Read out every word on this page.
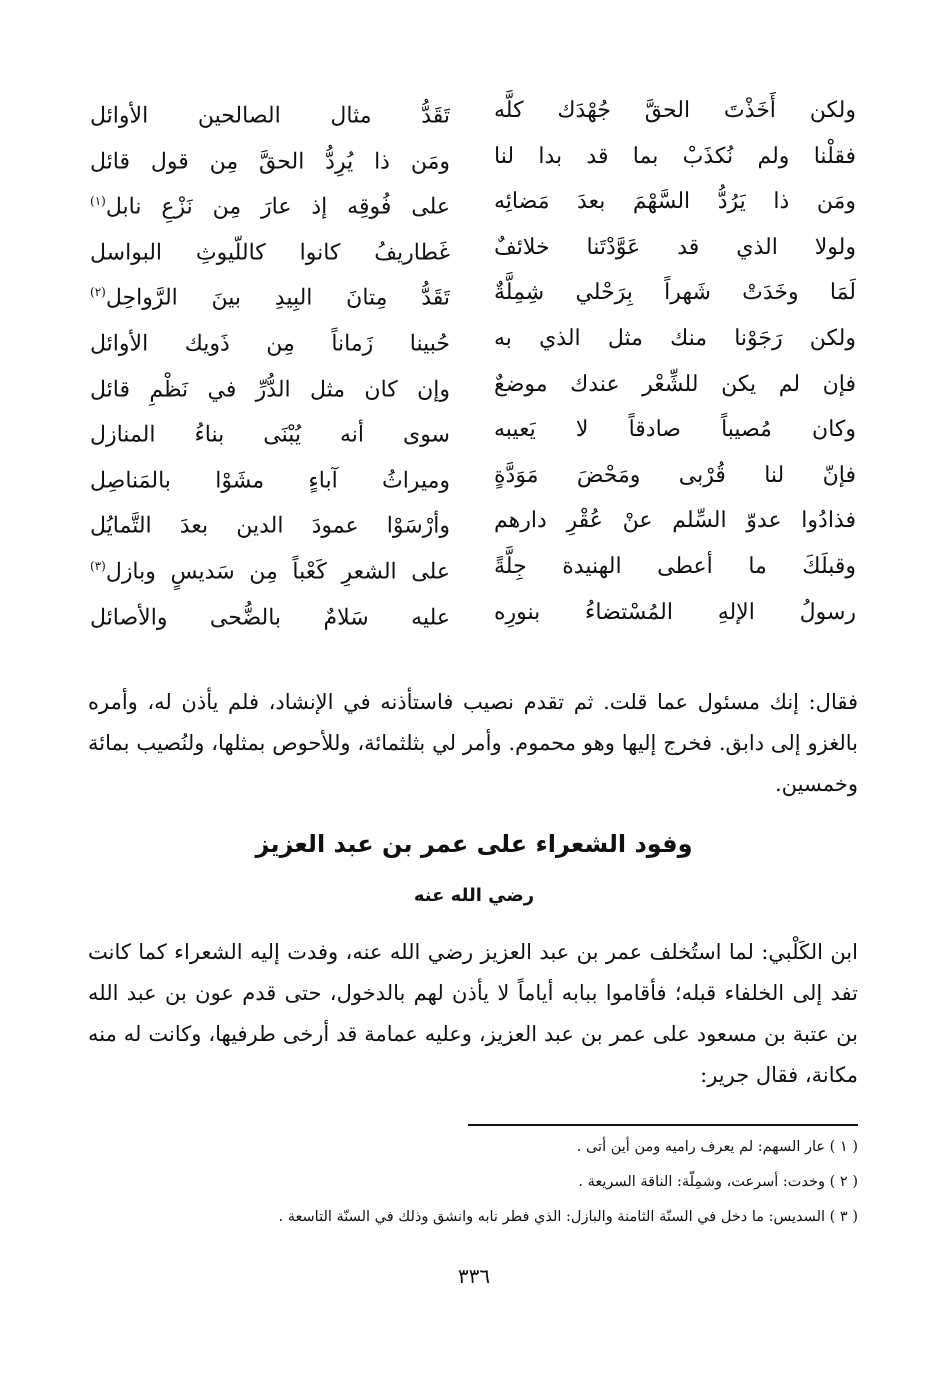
ولكن أَخَذْتَ الحقَّ جُهْدَك كلَّه
فقلْنا ولم نُكذَبْ بما قد بدا لنا
ومَن ذا يَرُدُّ السَّهْمَ بعدَ مَضائِه
ولولا الذي قد عَوَّدْتَنا خلائفٌ
لَمَا وخَدَتْ شَهراً بِرَحْلي شِمِلَّةٌ
ولكن رَجَوْنا منك مثل الذي به
فإن لم يكن للشِّعْر عندك موضعٌ
وكان مُصيباً صادقاً لا يَعيبه
فإنّ لنا قُرْبى ومَحْضَ مَوَدَّةٍ
فذادُوا عدوّ السِّلم عنْ عُقْرِ دارهم
وقبلَكَ ما أعطى الهنيدة جِلَّةً
رسولُ الإلهِ المُسْتضاءُ بنورِه
تَقَدُّ مثال الصالحين الأوائل
ومَن ذا يُرِدُّ الحقَّ مِن قول قائل
على فُوقِه إذ عارَ مِن نَزْعِ نابل$^{(١)}$
غَطاريفُ كانوا كاللّيوثِ البواسل
تَقَدُّ مِتانَ البِيدِ بينَ الرَّواحِل$^{(٢)}$
حُبينا زَماناً مِن ذَويك الأوائل
وإن كان مثل الدُّرِّ في نَظْمِ قائل
سوى أنه يُبْنَى بناءُ المنازل
وميراثُ آباءٍ مشَوْا بالمَناصِل
وأرْسَوْا عمودَ الدين بعدَ التَّمايُل
على الشعرِ كَعْباً مِن سَديسٍ وبازل$^{(٣)}$
عليه سَلامٌ بالضُّحى والأصائل

فقال: إنك مسئول عما قلت. ثم تقدم نصيب فاستأذنه في الإنشاد، فلم يأذن له، وأمره بالغزو إلى دابق. فخرج إليها وهو محموم. وأمر لي بثلثمائة، وللأحوص بمثلها، ولنُصيب بمائة وخمسين.

وفود الشعراء على عمر بن عبد العزيز
رضي الله عنه

ابن الكَلْبي: لما استُخلف عمر بن عبد العزيز رضي الله عنه، وفدت إليه الشعراء كما كانت تفد إلى الخلفاء قبله؛ فأقاموا ببابه أياماً لا يأذن لهم بالدخول، حتى قدم عون بن عبد الله بن عتبة بن مسعود على عمر بن عبد العزيز، وعليه عمامة قد أرخى طرفيها، وكانت له منه مكانة، فقال جرير:

( ١ ) عار السهم: لم يعرف راميه ومن أين أتى .
( ٢ ) وخدت: أسرعت، وشمِلّة: الناقة السريعة .
( ٣ ) السديس: ما دخل في السنّة الثامنة والبازل: الذي فطر نابه وانشق وذلك في السنّة التاسعة .
٣٣٦
